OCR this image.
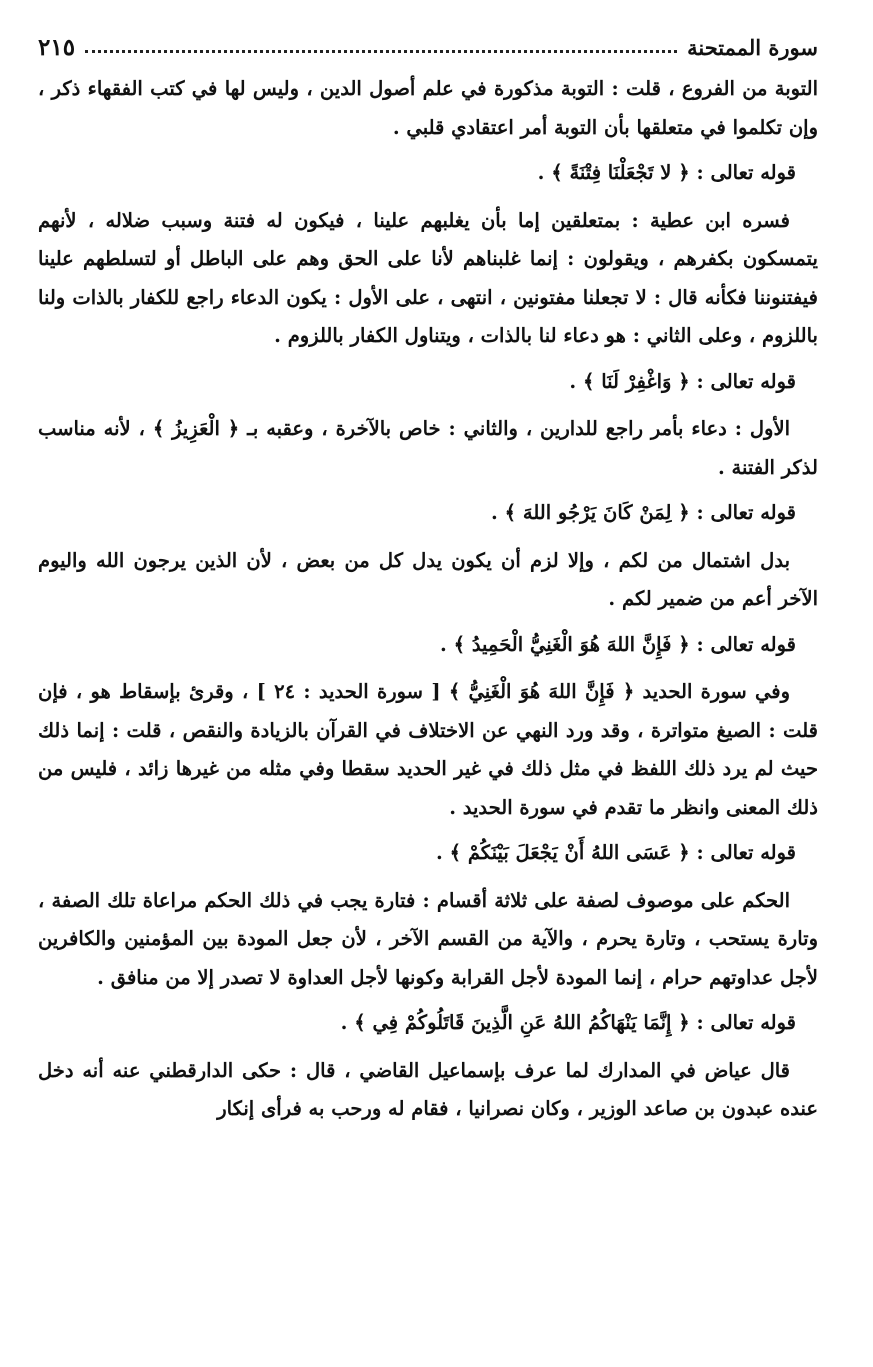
سورة الممتحنة
٢١٥

التوبة من الفروع ، قلت : التوبة مذكورة في علم أصول الدين ، وليس لها في كتب الفقهاء ذكر ، وإن تكلموا في متعلقها بأن التوبة أمر اعتقادي قلبي .

قوله تعالى : ﴿ لا تَجْعَلْنَا فِتْنَةً ﴾ .

فسره ابن عطية : بمتعلقين إما بأن يغلبهم علينا ، فيكون له فتنة وسبب ضلاله ، لأنهم يتمسكون بكفرهم ، ويقولون : إنما غلبناهم لأنا على الحق وهم على الباطل أو لتسلطهم علينا فيفتنوننا فكأنه قال : لا تجعلنا مفتونين ، انتهى ، على الأول : يكون الدعاء راجع للكفار بالذات ولنا باللزوم ، وعلى الثاني : هو دعاء لنا بالذات ، ويتناول الكفار باللزوم .

قوله تعالى : ﴿ وَاغْفِرْ لَنَا ﴾ .

الأول : دعاء بأمر راجع للدارين ، والثاني : خاص بالآخرة ، وعقبه بـ ﴿ الْعَزِيزُ ﴾ ، لأنه مناسب لذكر الفتنة .

قوله تعالى : ﴿ لِمَنْ كَانَ يَرْجُو اللهَ ﴾ .

بدل اشتمال من لكم ، وإلا لزم أن يكون يدل كل من بعض ، لأن الذين يرجون الله واليوم الآخر أعم من ضمير لكم .

قوله تعالى : ﴿ فَإِنَّ اللهَ هُوَ الْغَنِيُّ الْحَمِيدُ ﴾ .

وفي سورة الحديد ﴿ فَإِنَّ اللهَ هُوَ الْغَنِيُّ ﴾ [ سورة الحديد : ٢٤ ] ، وقرئ بإسقاط هو ، فإن قلت : الصيغ متواترة ، وقد ورد النهي عن الاختلاف في القرآن بالزيادة والنقص ، قلت : إنما ذلك حيث لم يرد ذلك اللفظ في مثل ذلك في غير الحديد سقطا وفي مثله من غيرها زائد ، فليس من ذلك المعنى وانظر ما تقدم في سورة الحديد .

قوله تعالى : ﴿ عَسَى اللهُ أَنْ يَجْعَلَ بَيْنَكُمْ ﴾ .

الحكم على موصوف لصفة على ثلاثة أقسام : فتارة يجب في ذلك الحكم مراعاة تلك الصفة ، وتارة يستحب ، وتارة يحرم ، والآية من القسم الآخر ، لأن جعل المودة بين المؤمنين والكافرين لأجل عداوتهم حرام ، إنما المودة لأجل القرابة وكونها لأجل العداوة لا تصدر إلا من منافق .

قوله تعالى : ﴿ إِنَّمَا يَنْهَاكُمُ اللهُ عَنِ الَّذِينَ قَاتَلُوكُمْ فِي ﴾ .

قال عياض في المدارك لما عرف بإسماعيل القاضي ، قال : حكى الدارقطني عنه أنه دخل عنده عبدون بن صاعد الوزير ، وكان نصرانيا ، فقام له ورحب به فرأى إنكار
